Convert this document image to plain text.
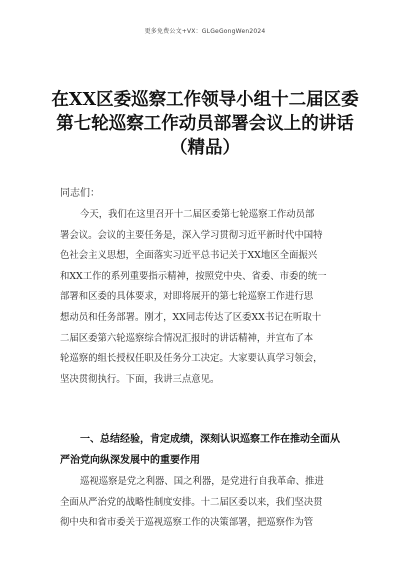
更多免费公文+VX：GLGeGongWen2024
在XX区委巡察工作领导小组十二届区委
第七轮巡察工作动员部署会议上的讲话
（精品）
同志们：
今天，我们在这里召开十二届区委第七轮巡察工作动员部
署会议。会议的主要任务是，深入学习贯彻习近平新时代中国特
色社会主义思想，全面落实习近平总书记关于XX地区全面振兴
和XX工作的系列重要指示精神，按照党中央、省委、市委的统一
部署和区委的具体要求，对即将展开的第七轮巡察工作进行思
想动员和任务部署。刚才，XX同志传达了区委XX书记在听取十
二届区委第六轮巡察综合情况汇报时的讲话精神，并宣布了本
轮巡察的组长授权任职及任务分工决定。大家要认真学习领会，
坚决贯彻执行。下面，我讲三点意见。
一、总结经验，肯定成绩，深刻认识巡察工作在推动全面从
严治党向纵深发展中的重要作用
巡视巡察是党之利器、国之利器，是党进行自我革命、推进
全面从严治党的战略性制度安排。十二届区委以来，我们坚决贯
彻中央和省市委关于巡视巡察工作的决策部署，把巡察作为管
